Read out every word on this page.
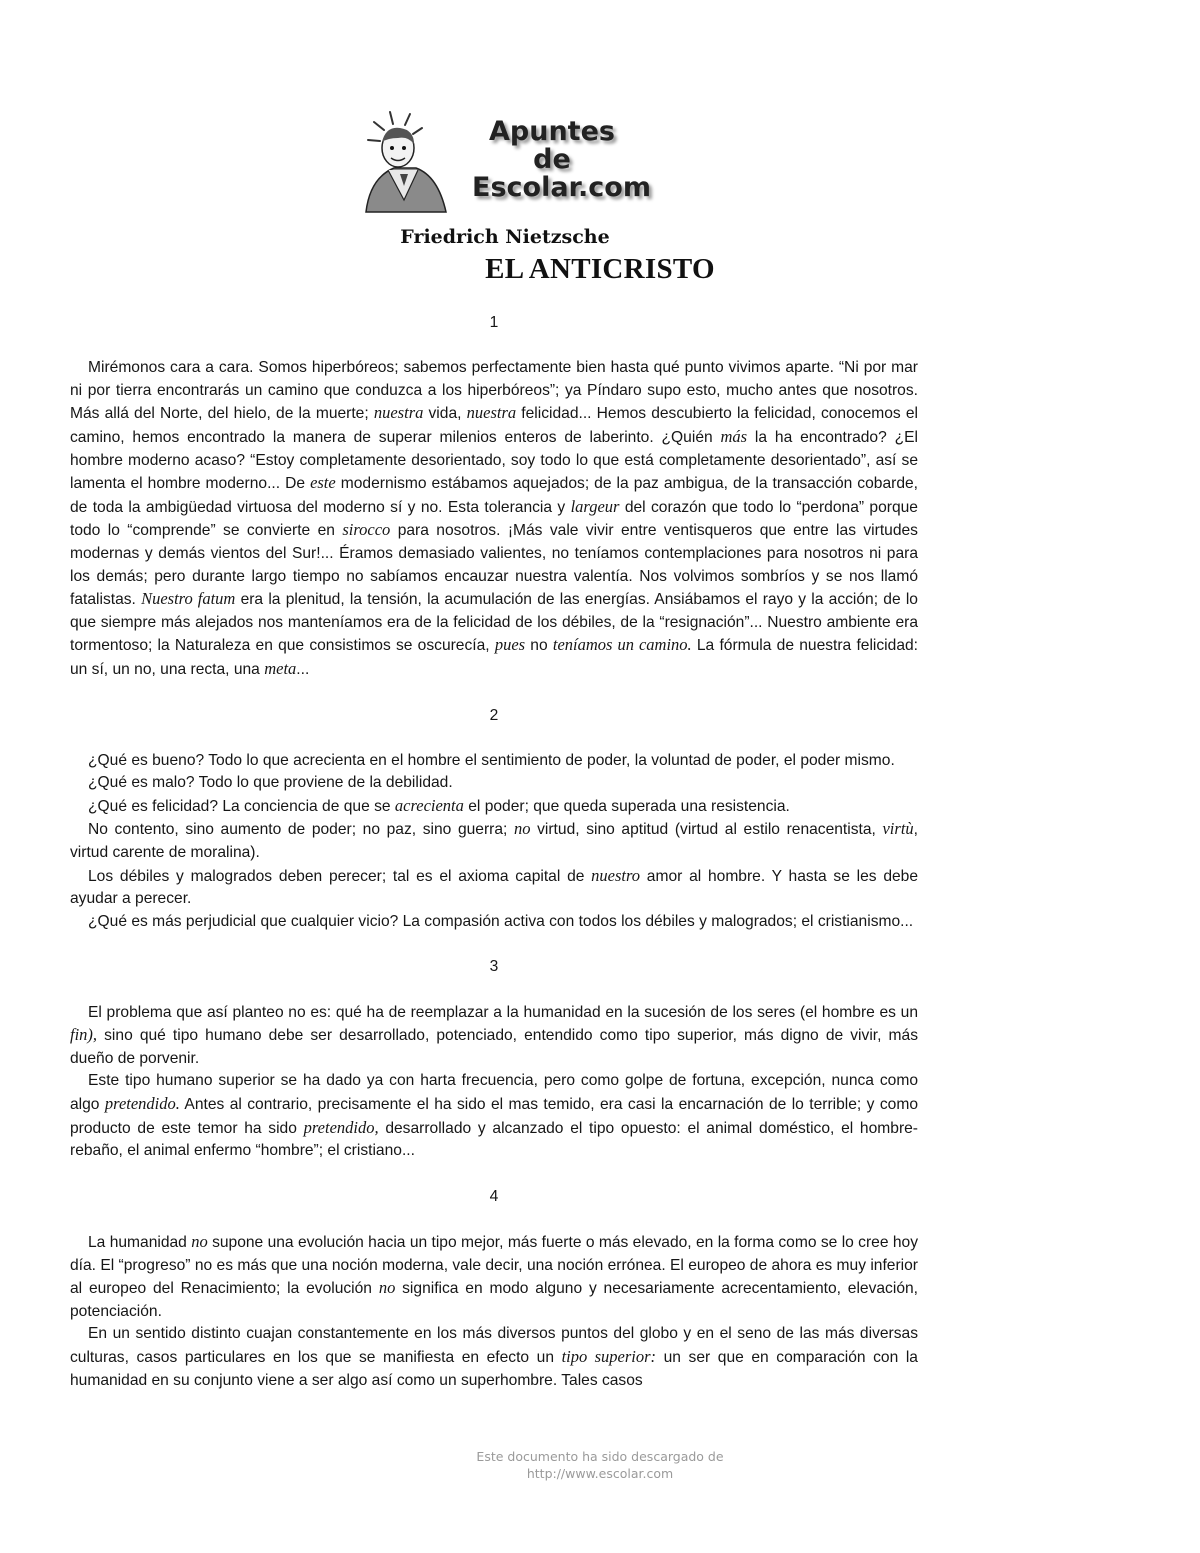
Apuntes
de
Escolar.com
Friedrich Nietzsche
EL ANTICRISTO
1

Mirémonos cara a cara. Somos hiperbóreos; sabemos perfectamente bien hasta qué punto vivimos aparte. “Ni por mar ni por tierra encontrarás un camino que conduzca a los hiperbóreos”; ya Píndaro supo esto, mucho antes que nosotros. Más allá del Norte, del hielo, de la muerte; nuestra vida, nuestra felicidad... Hemos descubierto la felicidad, conocemos el camino, hemos encontrado la manera de superar milenios enteros de laberinto. ¿Quién más la ha encontrado? ¿El hombre moderno acaso? “Estoy completamente desorientado, soy todo lo que está completamente desorientado”, así se lamenta el hombre moderno... De este modernismo estábamos aquejados; de la paz ambigua, de la transacción cobarde, de toda la ambigüedad virtuosa del moderno sí y no. Esta tolerancia y largeur del corazón que todo lo “perdona” porque todo lo “comprende” se convierte en sirocco para nosotros. ¡Más vale vivir entre ventisqueros que entre las virtudes modernas y demás vientos del Sur!... Éramos demasiado valientes, no teníamos contemplaciones para nosotros ni para los demás; pero durante largo tiempo no sabíamos encauzar nuestra valentía. Nos volvimos sombríos y se nos llamó fatalistas. Nuestro fatum era la plenitud, la tensión, la acumulación de las energías. Ansiábamos el rayo y la acción; de lo que siempre más alejados nos manteníamos era de la felicidad de los débiles, de la “resignación”... Nuestro ambiente era tormentoso; la Naturaleza en que consistimos se oscurecía, pues no teníamos un camino. La fórmula de nuestra felicidad: un sí, un no, una recta, una meta...

2

¿Qué es bueno? Todo lo que acrecienta en el hombre el sentimiento de poder, la voluntad de poder, el poder mismo.

¿Qué es malo? Todo lo que proviene de la debilidad.

¿Qué es felicidad? La conciencia de que se acrecienta el poder; que queda superada una resistencia.

No contento, sino aumento de poder; no paz, sino guerra; no virtud, sino aptitud (virtud al estilo renacentista, virtù, virtud carente de moralina).

Los débiles y malogrados deben perecer; tal es el axioma capital de nuestro amor al hombre. Y hasta se les debe ayudar a perecer.

¿Qué es más perjudicial que cualquier vicio? La compasión activa con todos los débiles y malogrados; el cristianismo...

3

El problema que así planteo no es: qué ha de reemplazar a la humanidad en la sucesión de los seres (el hombre es un fin), sino qué tipo humano debe ser desarrollado, potenciado, entendido como tipo superior, más digno de vivir, más dueño de porvenir.

Este tipo humano superior se ha dado ya con harta frecuencia, pero como golpe de fortuna, excepción, nunca como algo pretendido. Antes al contrario, precisamente el ha sido el mas temido, era casi la encarnación de lo terrible; y como producto de este temor ha sido pretendido, desarrollado y alcanzado el tipo opuesto: el animal doméstico, el hombre-rebaño, el animal enfermo “hombre”; el cristiano...

4

La humanidad no supone una evolución hacia un tipo mejor, más fuerte o más elevado, en la forma como se lo cree hoy día. El “progreso” no es más que una noción moderna, vale decir, una noción errónea. El europeo de ahora es muy inferior al europeo del Renacimiento; la evolución no significa en modo alguno y necesariamente acrecentamiento, elevación, potenciación.

En un sentido distinto cuajan constantemente en los más diversos puntos del globo y en el seno de las más diversas culturas, casos particulares en los que se manifiesta en efecto un tipo superior: un ser que en comparación con la humanidad en su conjunto viene a ser algo así como un superhombre. Tales casos

Este documento ha sido descargado de
http://www.escolar.com
